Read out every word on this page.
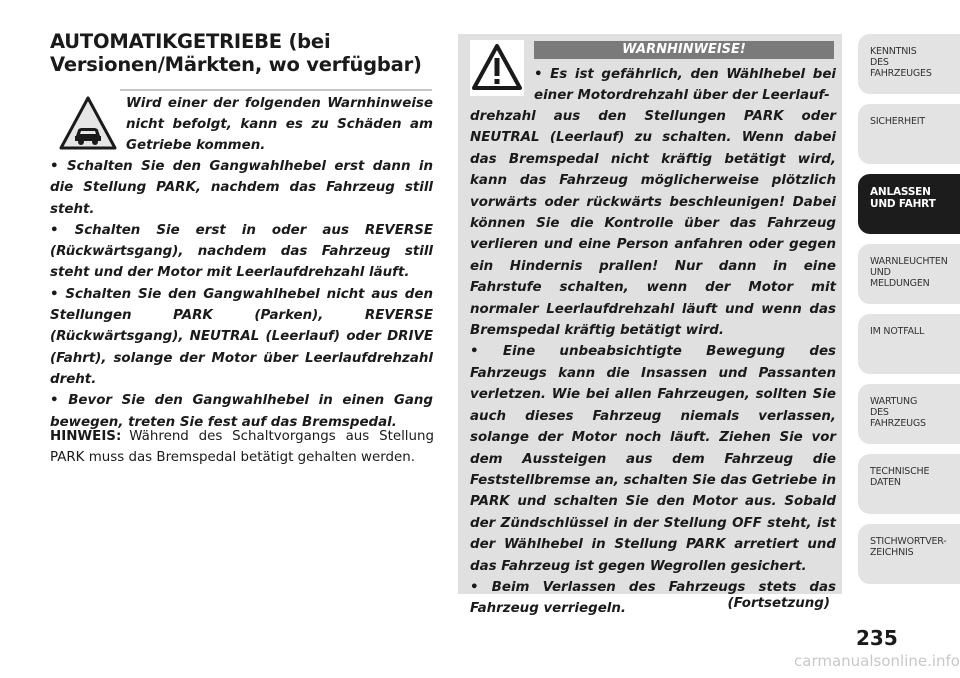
AUTOMATIKGETRIEBE (bei Versionen/Märkten, wo verfügbar)
Wird einer der folgenden Warnhinweise nicht befolgt, kann es zu Schäden am Getriebe kommen.

• Schalten Sie den Gangwahlhebel erst dann in die Stellung PARK, nachdem das Fahrzeug still steht.

• Schalten Sie erst in oder aus REVERSE (Rückwärtsgang), nachdem das Fahrzeug still steht und der Motor mit Leerlaufdrehzahl läuft.

• Schalten Sie den Gangwahlhebel nicht aus den Stellungen PARK (Parken), REVERSE (Rückwärtsgang), NEUTRAL (Leerlauf) oder DRIVE (Fahrt), solange der Motor über Leerlaufdrehzahl dreht.

• Bevor Sie den Gangwahlhebel in einen Gang bewegen, treten Sie fest auf das Bremspedal.

HINWEIS: Während des Schaltvorgangs aus Stellung PARK muss das Bremspedal betätigt gehalten werden.
WARNHINWEISE!
• Es ist gefährlich, den Wählhebel bei einer Motordrehzahl über der Leerlauf-

drehzahl aus den Stellungen PARK oder NEUTRAL (Leerlauf) zu schalten. Wenn dabei das Bremspedal nicht kräftig betätigt wird, kann das Fahrzeug möglicherweise plötzlich vorwärts oder rückwärts beschleunigen! Dabei können Sie die Kontrolle über das Fahrzeug verlieren und eine Person anfahren oder gegen ein Hindernis prallen! Nur dann in eine Fahrstufe schalten, wenn der Motor mit normaler Leerlaufdrehzahl läuft und wenn das Bremspedal kräftig betätigt wird.

• Eine unbeabsichtigte Bewegung des Fahrzeugs kann die Insassen und Passanten verletzen. Wie bei allen Fahrzeugen, sollten Sie auch dieses Fahrzeug niemals verlassen, solange der Motor noch läuft. Ziehen Sie vor dem Aussteigen aus dem Fahrzeug die Feststellbremse an, schalten Sie das Getriebe in PARK und schalten Sie den Motor aus. Sobald der Zündschlüssel in der Stellung OFF steht, ist der Wählhebel in Stellung PARK arretiert und das Fahrzeug ist gegen Wegrollen gesichert.

• Beim Verlassen des Fahrzeugs stets das Fahrzeug verriegeln.	(Fortsetzung)
KENNTNIS
DES
FAHRZEUGES
SICHERHEIT
ANLASSEN
UND FAHRT
WARNLEUCHTEN
UND
MELDUNGEN
IM NOTFALL
WARTUNG
DES
FAHRZEUGS
TECHNISCHE
DATEN
STICHWORTVER-
ZEICHNIS
235
carmanualsonline.info
